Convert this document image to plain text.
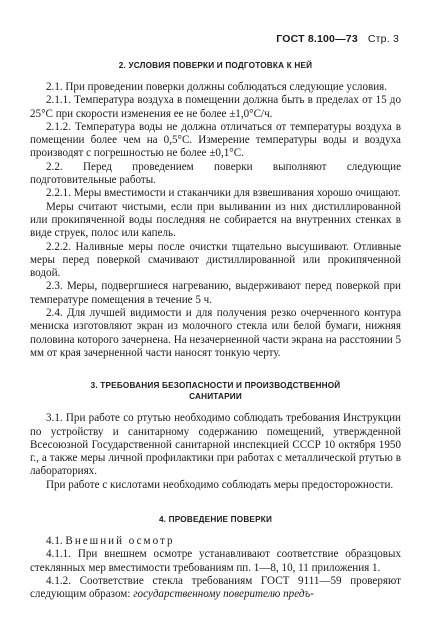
ГОСТ 8.100—73 Стр. 3
2. УСЛОВИЯ ПОВЕРКИ И ПОДГОТОВКА К НЕЙ

2.1. При проведении поверки должны соблюдаться следующие условия.

2.1.1. Температура воздуха в помещении должна быть в пределах от 15 до 25°С при скорости изменения ее не более ±1,0°С/ч.

2.1.2. Температура воды не должна отличаться от температуры воздуха в помещении более чем на 0,5°С. Измерение температуры воды и воздуха производят с погрешностью не более ±0,1°С.

2.2. Перед проведением поверки выполняют следующие подготовительные работы.

2.2.1. Меры вместимости и стаканчики для взвешивания хорошо очищают.

Меры считают чистыми, если при выливании из них дистиллированной или прокипяченной воды последняя не собирается на внутренних стенках в виде струек, полос или капель.

2.2.2. Наливные меры после очистки тщательно высушивают. Отливные меры перед поверкой смачивают дистиллированной или прокипяченной водой.

2.3. Меры, подвергшиеся нагреванию, выдерживают перед поверкой при температуре помещения в течение 5 ч.

2.4. Для лучшей видимости и для получения резко очерченного контура мениска изготовляют экран из молочного стекла или белой бумаги, нижняя половина которого зачернена. На незачерненной части экрана на расстоянии 5 мм от края зачерненной части наносят тонкую черту.

3. ТРЕБОВАНИЯ БЕЗОПАСНОСТИ И ПРОИЗВОДСТВЕННОЙ
САНИТАРИИ

3.1. При работе со ртутью необходимо соблюдать требования Инструкции по устройству и санитарному содержанию помещений, утвержденной Всесоюзной Государственной санитарной инспекцией СССР 10 октября 1950 г., а также меры личной профилактики при работах с металлической ртутью в лабораториях.

При работе с кислотами необходимо соблюдать меры предосторожности.

4. ПРОВЕДЕНИЕ ПОВЕРКИ

4.1. Внешний осмотр

4.1.1. При внешнем осмотре устанавливают соответствие образцовых стеклянных мер вместимости требованиям пп. 1—8, 10, 11 приложения 1.

4.1.2. Соответствие стекла требованиям ГОСТ 9111—59 проверяют следующим образом: государственному поверителю предъ-
